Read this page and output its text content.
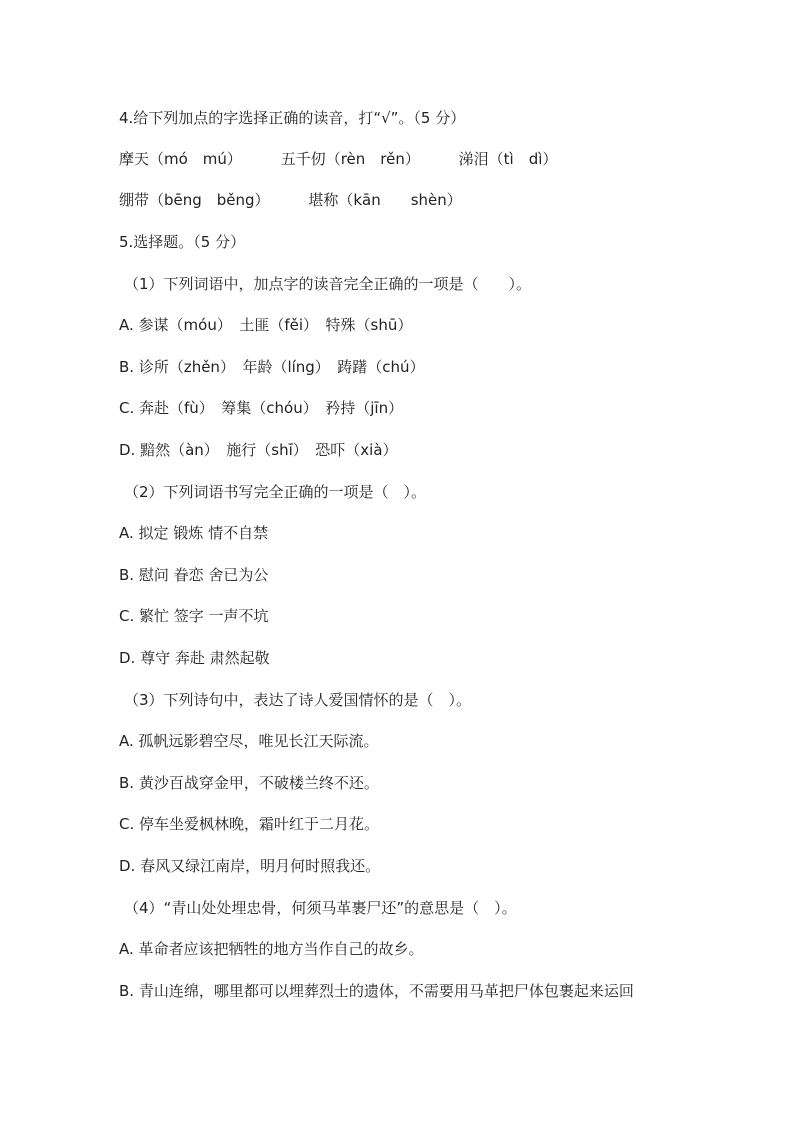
4.给下列加点的字选择正确的读音，打“√”。（5 分）
摩天（mó　mú）	五千仞（rèn　rěn）	涕泪（tì　dì）
绷带（bēng　běng）	堪称（kān　　shèn）
5.选择题。（5 分）
（1）下列词语中，加点字的读音完全正确的一项是（　　）。
A. 参谋（móu）　土匪（fěi）　特殊（shū）
B. 诊所（zhěn）　年龄（líng）　踌躇（chú）
C. 奔赴（fù）　筹集（chóu）　矜持（jīn）
D. 黯然（àn）　施行（shī）　恐吓（xià）
（2）下列词语书写完全正确的一项是（　）。
A. 拟定 锻炼 情不自禁
B. 慰问 眷恋 舍已为公
C. 繁忙 签字 一声不坑
D. 尊守 奔赴 肃然起敬
（3）下列诗句中，表达了诗人爱国情怀的是（　）。
A. 孤帆远影碧空尽，唯见长江天际流。
B. 黄沙百战穿金甲，不破楼兰终不还。
C. 停车坐爱枫林晚，霜叶红于二月花。
D. 春风又绿江南岸，明月何时照我还。
（4）“青山处处埋忠骨，何须马革裹尸还”的意思是（　）。
A. 革命者应该把牺牲的地方当作自己的故乡。
B. 青山连绵，哪里都可以埋葬烈士的遗体，不需要用马革把尸体包裹起来运回
